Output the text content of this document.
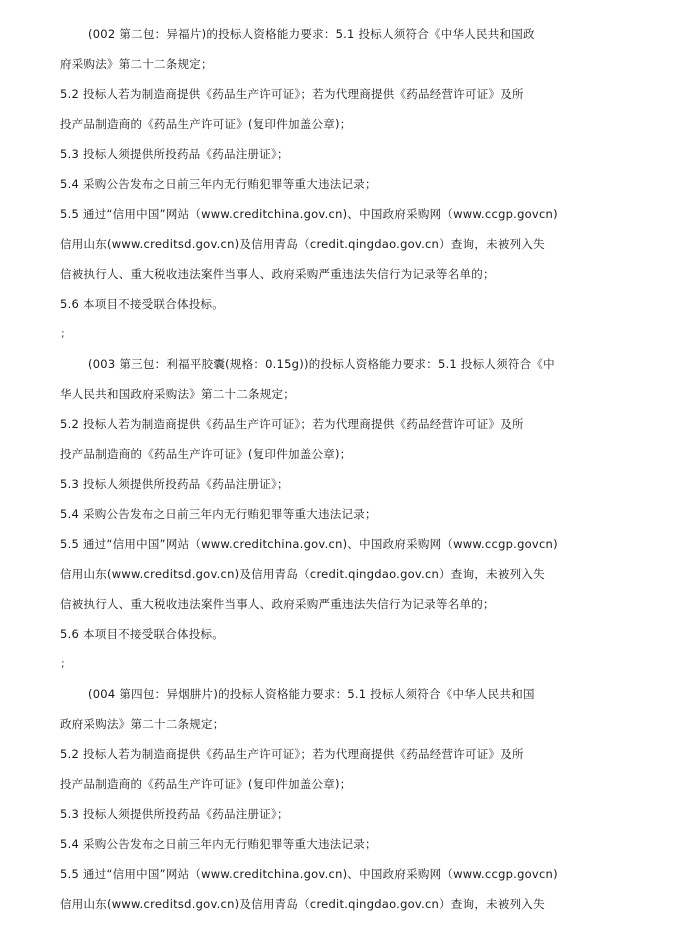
(002 第二包：异福片)的投标人资格能力要求：5.1 投标人须符合《中华人民共和国政

府采购法》第二十二条规定；

5.2 投标人若为制造商提供《药品生产许可证》；若为代理商提供《药品经营许可证》及所

投产品制造商的《药品生产许可证》(复印件加盖公章)；

5.3 投标人须提供所投药品《药品注册证》；

5.4 采购公告发布之日前三年内无行贿犯罪等重大违法记录；

5.5 通过“信用中国”网站（www.creditchina.gov.cn)、中国政府采购网（www.ccgp.govcn)

信用山东(www.creditsd.gov.cn)及信用青岛（credit.qingdao.gov.cn）查询，未被列入失

信被执行人、重大税收违法案件当事人、政府采购严重违法失信行为记录等名单的；

5.6 本项目不接受联合体投标。

;

(003 第三包：利福平胶囊(规格：0.15g))的投标人资格能力要求：5.1 投标人须符合《中

华人民共和国政府采购法》第二十二条规定；

5.2 投标人若为制造商提供《药品生产许可证》；若为代理商提供《药品经营许可证》及所

投产品制造商的《药品生产许可证》(复印件加盖公章)；

5.3 投标人须提供所投药品《药品注册证》；

5.4 采购公告发布之日前三年内无行贿犯罪等重大违法记录；

5.5 通过“信用中国”网站（www.creditchina.gov.cn)、中国政府采购网（www.ccgp.govcn)

信用山东(www.creditsd.gov.cn)及信用青岛（credit.qingdao.gov.cn）查询，未被列入失

信被执行人、重大税收违法案件当事人、政府采购严重违法失信行为记录等名单的；

5.6 本项目不接受联合体投标。

;

(004 第四包：异烟肼片)的投标人资格能力要求：5.1 投标人须符合《中华人民共和国

政府采购法》第二十二条规定；

5.2 投标人若为制造商提供《药品生产许可证》；若为代理商提供《药品经营许可证》及所

投产品制造商的《药品生产许可证》(复印件加盖公章)；

5.3 投标人须提供所投药品《药品注册证》；

5.4 采购公告发布之日前三年内无行贿犯罪等重大违法记录；

5.5 通过“信用中国”网站（www.creditchina.gov.cn)、中国政府采购网（www.ccgp.govcn)

信用山东(www.creditsd.gov.cn)及信用青岛（credit.qingdao.gov.cn）查询，未被列入失
